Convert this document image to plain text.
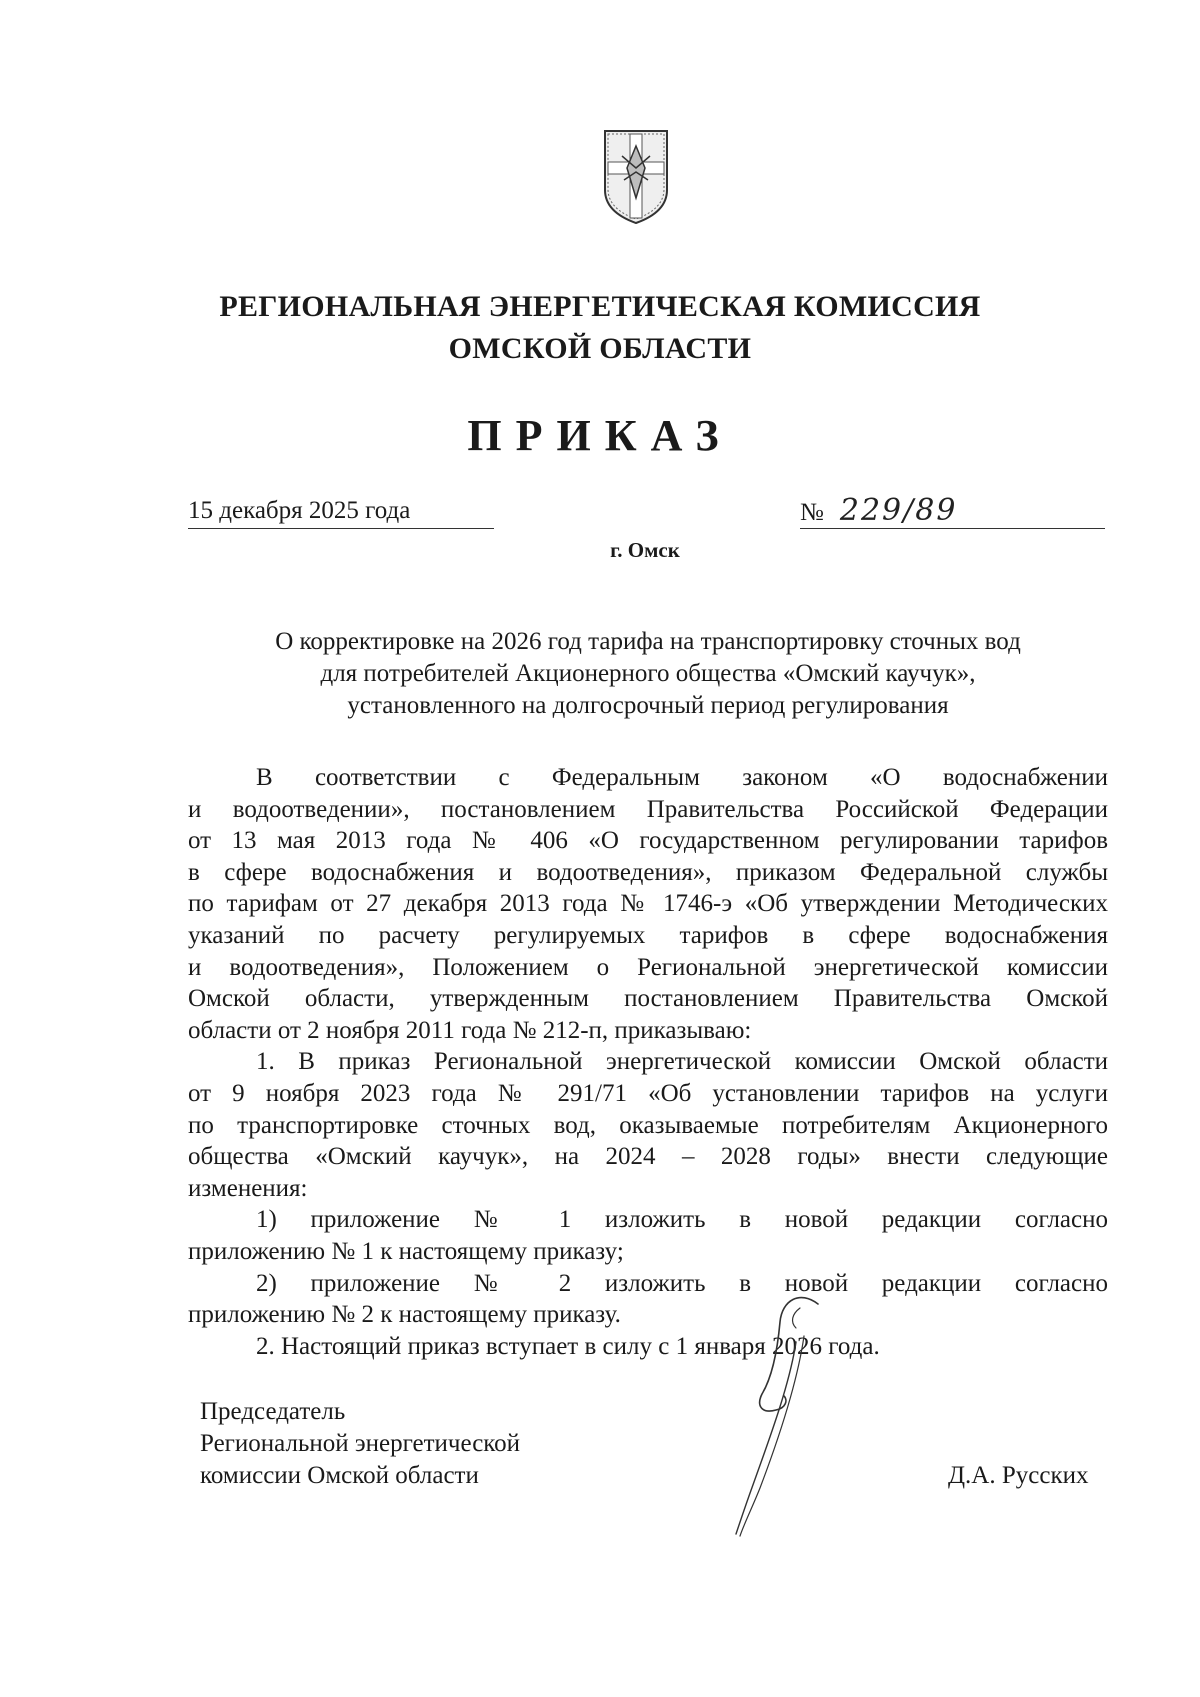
РЕГИОНАЛЬНАЯ ЭНЕРГЕТИЧЕСКАЯ КОМИССИЯ
ОМСКОЙ ОБЛАСТИ
ПРИКАЗ
15 декабря 2025 года	№ 229/89
г. Омск
О корректировке на 2026 год тарифа на транспортировку сточных вод
для потребителей Акционерного общества «Омский каучук»,
установленного на долгосрочный период регулирования
В соответствии с Федеральным законом «О водоснабжении
и водоотведении», постановлением Правительства Российской Федерации
от 13 мая 2013 года № 406 «О государственном регулировании тарифов
в сфере водоснабжения и водоотведения», приказом Федеральной службы
по тарифам от 27 декабря 2013 года № 1746-э «Об утверждении Методических
указаний по расчету регулируемых тарифов в сфере водоснабжения
и водоотведения», Положением о Региональной энергетической комиссии
Омской области, утвержденным постановлением Правительства Омской
области от 2 ноября 2011 года № 212-п, приказываю:
1. В приказ Региональной энергетической комиссии Омской области
от 9 ноября 2023 года № 291/71 «Об установлении тарифов на услуги
по транспортировке сточных вод, оказываемые потребителям Акционерного
общества «Омский каучук», на 2024 – 2028 годы» внести следующие
изменения:
1) приложение № 1 изложить в новой редакции согласно
приложению № 1 к настоящему приказу;
2) приложение № 2 изложить в новой редакции согласно
приложению № 2 к настоящему приказу.
2. Настоящий приказ вступает в силу с 1 января 2026 года.
Председатель
Региональной энергетической
комиссии Омской области	Д.А. Русских
